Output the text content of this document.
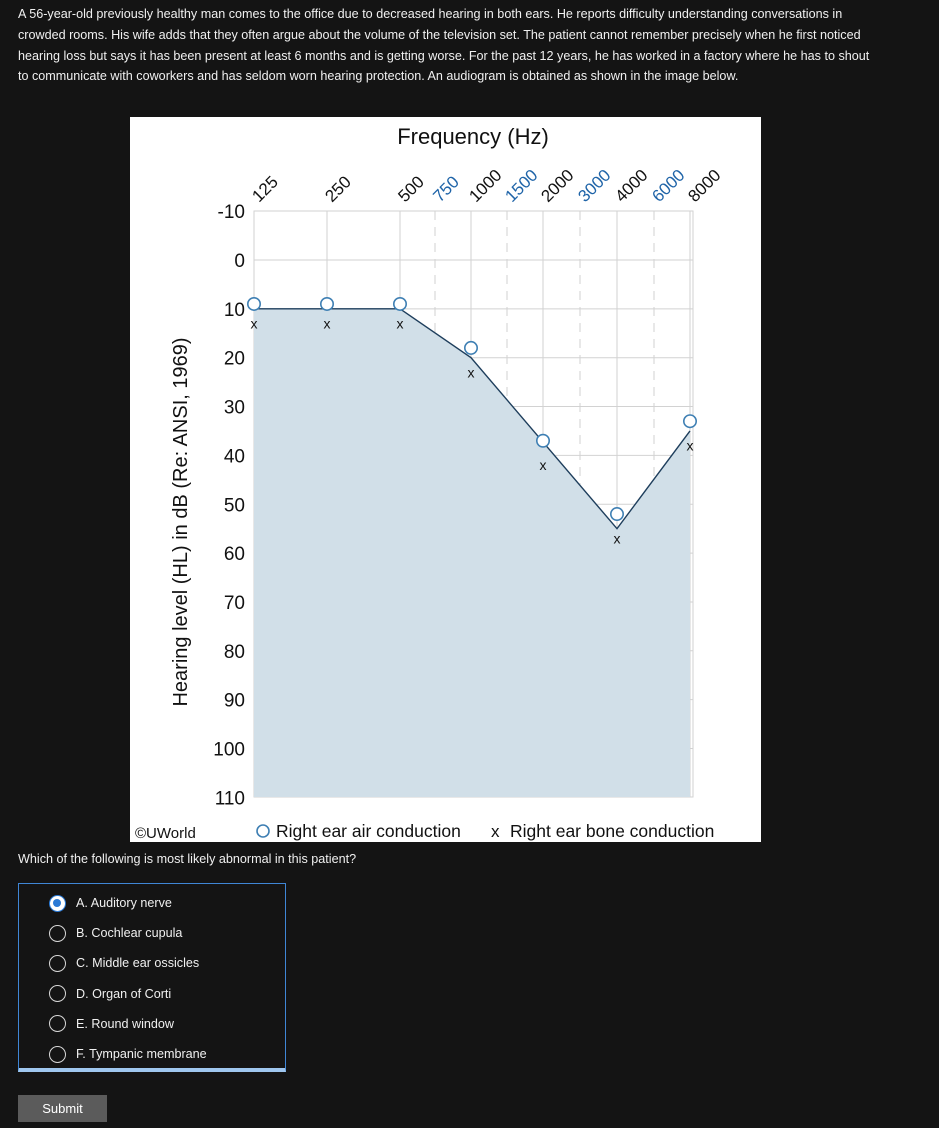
A 56-year-old previously healthy man comes to the office due to decreased hearing in both ears. He reports difficulty understanding conversations in crowded rooms. His wife adds that they often argue about the volume of the television set. The patient cannot remember precisely when he first noticed hearing loss but says it has been present at least 6 months and is getting worse. For the past 12 years, he has worked in a factory where he has to shout to communicate with coworkers and has seldom worn hearing protection. An audiogram is obtained as shown in the image below.
Frequency (Hz)
-10
0
10
20
30
40
50
60
70
80
90
100
110
125 250 500 750 1000
1500
2000
3000
4000
6000
8000
x	x	x
x
x
x
x
Hearing level (HL) in dB (Re: ANSI, 1969)
©UWorld	Right ear air conduction x Right ear bone conduction
Which of the following is most likely abnormal in this patient?
A. Auditory nerve
B. Cochlear cupula
C. Middle ear ossicles
D. Organ of Corti
E. Round window
F. Tympanic membrane
Submit
